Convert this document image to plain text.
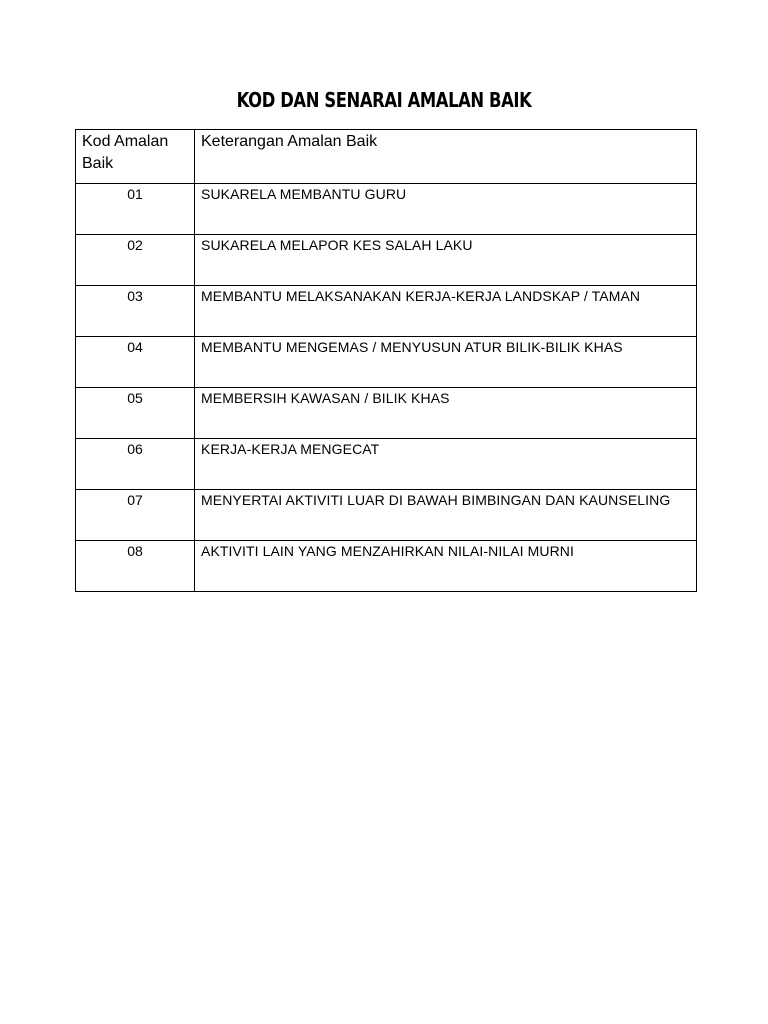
KOD DAN SENARAI AMALAN BAIK
Kod Amalan Baik	Keterangan Amalan Baik
01	SUKARELA MEMBANTU GURU
02	SUKARELA MELAPOR KES SALAH LAKU
03	MEMBANTU MELAKSANAKAN KERJA-KERJA LANDSKAP / TAMAN
04	MEMBANTU MENGEMAS / MENYUSUN ATUR BILIK-BILIK KHAS
05	MEMBERSIH KAWASAN / BILIK KHAS
06	KERJA-KERJA MENGECAT
07	MENYERTAI AKTIVITI LUAR DI BAWAH BIMBINGAN DAN KAUNSELING
08	AKTIVITI LAIN YANG MENZAHIRKAN NILAI-NILAI MURNI
